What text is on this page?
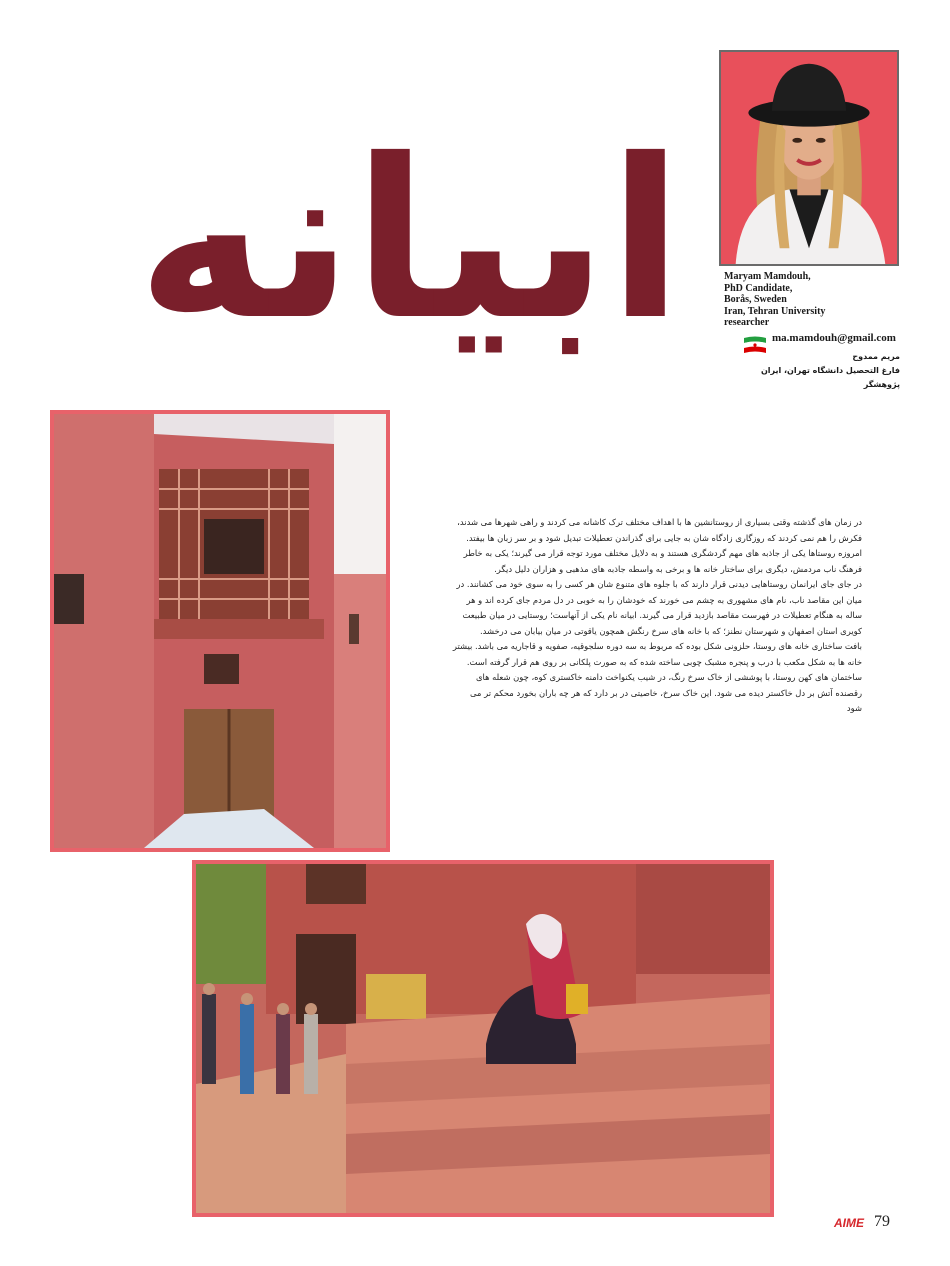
ابیانه	Maryam Mamdouh,
PhD Candidate,
Borås, Sweden
Iran, Tehran University
researcher
ma.mamdouh@gmail.com
مریم ممدوح
فارغ التحصیل دانشگاه تهران، ایران
پژوهشگر

در زمان های گذشته وقتی بسیاری از روستانشین ها با اهداف مختلف ترک کاشانه می کردند و راهی شهرها می شدند،

فکرش را هم نمی کردند که روزگاری زادگاه شان به جایی برای گذراندن تعطیلات تبدیل شود و بر سر زبان ها بیفتد.

امروزه روستاها یکی از جاذبه های مهم گردشگری هستند و به دلایل مختلف مورد توجه قرار می گیرند؛ یکی به خاطر

فرهنگ ناب مردمش، دیگری برای ساختار خانه ها و برخی به واسطه جاذبه های مذهبی و هزاران دلیل دیگر.

در جای جای ایرانمان روستاهایی دیدنی قرار دارند که با جلوه های متنوع شان هر کسی را به سوی خود می کشانند. در

میان این مقاصد ناب، نام های مشهوری به چشم می خورند که خودشان را به خوبی در دل مردم جای کرده اند و هر

ساله به هنگام تعطیلات در فهرست مقاصد بازدید قرار می گیرند. ابیانه نام یکی از آنهاست؛ روستایی در میان طبیعت

کویری استان اصفهان و شهرستان نطنز؛ که با خانه های سرخ رنگش همچون یاقوتی در میان بیابان می درخشد.

بافت ساختاری خانه های روستا، حلزونی شکل بوده که مربوط به سه دوره سلجوقیه، صفویه و قاجاریه می باشد. بیشتر

خانه ها به شکل مکعب با درب و پنجره مشبک چوبی ساخته شده که به صورت پلکانی بر روی هم قرار گرفته است.

ساختمان های کهن روستا، با پوششی از خاک سرخ رنگ، در شیب یکنواخت دامنه خاکستری کوه، چون شعله های

رقصنده آتش بر دل خاکستر دیده می شود. این خاک سرخ، خاصیتی در بر دارد که هر چه باران بخورد محکم تر می

شود

AIME 79
